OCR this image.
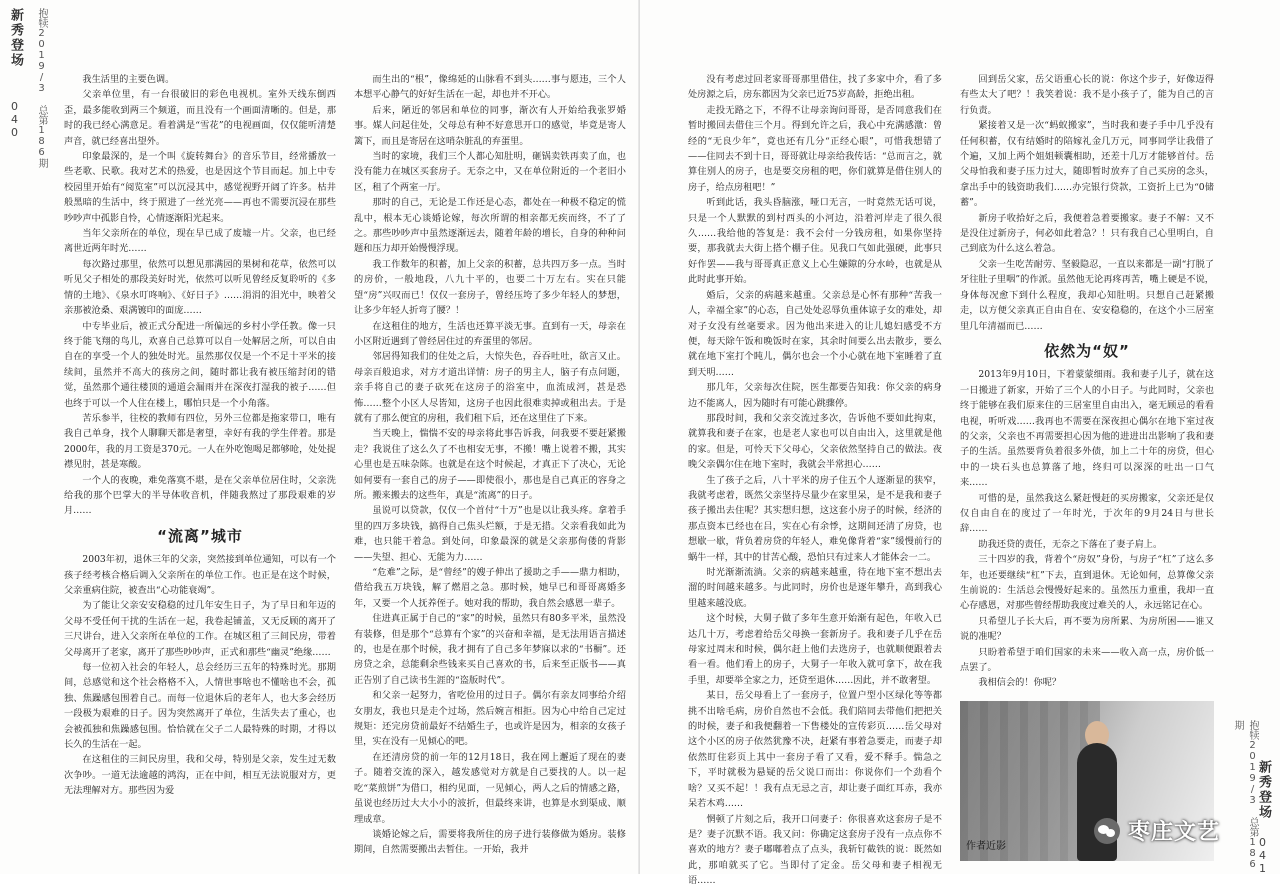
新秀登场
040 抱犊2019/3 总第186期	我生活里的主要色调。

父亲单位里，有一台很破旧的彩色电视机。室外天线东倒西歪，最多能收到两三个频道，而且没有一个画面清晰的。但是，那时的我已经心满意足。看着满是“雪花”的电视画面，仅仅能听清楚声音，就已经喜出望外。

印象最深的，是一个叫《旋转舞台》的音乐节目，经常播放一些老歌、民歌。我对艺术的热爱，也是因这个节目而起。加上中专校园里开始有“阅览室”可以沉浸其中，感觉视野开阔了许多。枯井般黑暗的生活中，终于照进了一丝光亮——再也不需要沉浸在那些吵吵声中孤影自怜，心情逐渐阳光起来。

当年父亲所在的单位，现在早已成了废墟一片。父亲，也已经离世近两年时光……

每次路过那里，依然可以想见那满园的果树和花草，依然可以听见父子相处的那段美好时光，依然可以听见曾经反复聆听的《多情的土地》、《泉水叮咚响》、《好日子》……涓涓的泪光中，映着父亲那被沧桑、艰满镀印的面庞……

中专毕业后，被正式分配进一所偏远的乡村小学任教。像一只终于能飞翔的鸟儿，欢喜自己总算可以自一处解居之所，可以自由自在的享受一个人的独处时光。虽然那仅仅是一个不足十平米的接续间，虽然并不高大的孩房之间，随时都让我有被压缩封闭的错觉，虽然那个通往楼顶的通道会漏雨并在深夜打湿我的被子……但也终于可以一个人住在楼上，哪怕只是一个小角落。

苦乐参半，往校的教师有四位，另外三位都是拖家带口，唯有我自己单身，找个人聊聊天都是奢望，幸好有我的学生伴着。那是2000年，我的月工资是370元。一人在外吃饱喝足都够呛，处处捉襟见肘，甚是寒酸。

一个人的夜晚，难免落寞不堪，是在父亲单位居住时，父亲洗给我的那个巴掌大的半导体收音机，伴随我熬过了那段艰难的岁月……

“流离”城市

2003年初，退休三年的父亲，突然接到单位通知，可以有一个孩子经考核合格后调入父亲所在的单位工作。也正是在这个时候，父亲重病住院，被查出“心功能衰竭”。

为了能让父亲安安稳稳的过几年安生日子，为了早日和年迈的父母不受任何干扰的生活在一起，我卷起铺盖，又无反顾的离开了三尺讲台，进入父亲所在单位的工作。在城区租了三间民房，带着父母离开了老家，离开了那些吵吵声，正式和那些“幽灵”绝缘……

每一位初入社会的年轻人，总会经历三五年的特殊时光。那期间，总感觉和这个社会格格不入，人情世事啥也不懂啥也不会，孤独、焦躁感包围着自己。而每一位退休后的老年人，也大多会经历一段极为艰难的日子。因为突然离开了单位，生活失去了重心，也会被孤独和焦躁感包围。恰恰就在父子二人最特殊的时期，才得以长久的生活在一起。

在这租住的三间民房里，我和父母，特别是父亲，发生过无数次争吵。一道无法逾越的鸿沟，正在中间，相互无法说服对方，更无法理解对方。那些因为爱

而生出的“根”，像绵延的山脉看不到头……事与愿违，三个人本想平心静气的好好生活在一起，却也并不开心。

后来，陋近的邻居和单位的同事，渐次有人开始给我张罗婚事。媒人问起住处，父母总有种不好意思开口的感觉，毕竟是寄人篱下，而且是寄居在这哨杂脏乱的弃蛋里。

当时的家境，我们三个人都心知肚明，砸锅卖铁再卖了血，也没有能力在城区买套房子。无奈之中，又在单位附近的一个老旧小区，租了个两室一厅。

那时的自己，无论是工作还是心态，都处在一种极不稳定的慌乱中，根本无心谈婚论嫁，每次所谓的相亲都无疾而终，不了了之。那些吵吵声中虽然逐渐远去，随着年龄的增长，自身的种种问题和压力却开始慢慢浮现。

我工作数年的积蓄，加上父亲的积蓄，总共四万多一点。当时的房价，一般地段，八九十平的，也要二十万左右。实在只能望“房”兴叹而已！仅仅一套房子，曾经压垮了多少年轻人的梦想，让多少年轻人折弯了腰？！

在这租住的地方，生活也还算平淡无事。直到有一天，母亲在小区附近遇到了曾经居住过的弃蛋里的邻居。

邻居得知我们的住处之后，大惊失色，吞吞吐吐，欲言又止。母亲百般追求，对方才道出详情：房子的男主人，脑子有点问题，亲手将自己的妻子砍死在这房子的浴室中，血流成河，甚是恐怖……整个小区人尽皆知，这房子也因此很难卖掉或租出去。于是就有了那么便宜的房租，我们租下后，还在这里住了下来。

当天晚上，惴惴不安的母亲将此事告诉我，问我要不要赶紧搬走？我说住了这么久了不也相安无事，不搬！嘴上说着不搬，其实心里也是五味杂陈。也就是在这个时候起，才真正下了决心，无论如何要有一套自己的房子——即使很小，那也是自己真正的容身之所。搬来搬去的这些年，真是“流离”的日子。

虽说可以贷款，仅仅一个首付“十万”也是以让我头疼。拿着手里的四万多块钱，搞得自己焦头烂额，于是无措。父亲看我如此为难，也只能干着急。到处问，印象最深的就是父亲那佝偻的背影——失望、担心、无能为力……

“危难”之际，是“曾经”的嫂子伸出了援助之手——鼎力相助，借给我五万块钱，解了燃眉之急。那时候，她早已和哥哥离婚多年，又要一个人抚养侄子。她对我的帮助，我自然会感恩一辈子。

住进真正属于自己的“家”的时候，虽然只有80多平米，虽然没有装修，但是那个“总算有个家”的兴奋和幸福，是无法用语言描述的，也是在那个时候，我才拥有了自己多年梦寐以求的“书橱”。还房贷之余，总能剩余些钱来买自己喜欢的书，后来至正版书——真正告别了自己读书生涯的“盗版时代”。

和父亲一起努力，省吃俭用的过日子。偶尔有亲友同事给介绍女朋友，我也只是走个过场，然后婉言相拒。因为心中给自己定过规矩：还完房贷前最好不结婚生子，也或许是因为，相亲的女孩子里，实在没有一见倾心的吧。

在还清房贷的前一年的12月18日，我在网上邂逅了现在的妻子。随着交流的深入，越发感觉对方就是自己要找的人。以一起吃“菜煎饼”为借口，相约见面，一见倾心，两人之后的情感之路，虽说也经历过大大小小的波折，但最终来讲，也算是水到渠成、顺理成章。

谈婚论嫁之后，需要将我所住的房子进行装修做为婚房。装修期间，自然需要搬出去暂住。一开始，我并

没有考虑过回老家哥哥那里借住，找了多家中介，看了多处房源之后，房东都因为父亲已近75岁高龄，拒绝出租。

走投无路之下，不得不让母亲询问哥哥，是否同意我们在暂时搬回去借住三个月。得到允许之后，我心中充满感激：曾经的“无良少年”，竟也还有几分“正经心眼”，可惜我想错了——住同去不到十日，哥哥就让母亲给我传话：“总而言之，就算住别人的房子，也是要交房租的吧，你们就算是借住别人的房子，给点房租吧！”

听到此话，我头昏脑涨，哑口无言，一时竟然无话可说，只是一个人默默的到村西头的小河边，沿着河岸走了很久很久……我给他的答复是：我不会付一分钱房租，如果你坚持要，那我就去大街上搭个棚子住。见我口气如此强硬，此事只好作罢——我与哥哥真正意义上心生嫌隙的分水岭，也就是从此时此事开始。

婚后，父亲的病越来越重。父亲总是心怀有那种“苦我一人，幸福全家”的心态，自己处处忍辱负重体谅子女的难处，却对子女没有丝毫要求。因为他出来进入的让儿媳妇感受不方便，每天除午饭和晚饭时在家，其余时间要么出去散步，要么就在地下室打个盹儿，偶尔也会一个小心就在地下室睡着了直到天明……

那几年，父亲每次住院，医生都要告知我：你父亲的病身边不能离人，因为随时有可能心跳骤停。

那段时间，我和父亲交流过多次，告诉他不要如此拘束，就算我和妻子在家，也是老人家也可以自由出入，这里就是他的家。但是，可怜天下父母心，父亲依然坚持自己的做法。夜晚父亲偶尔住在地下室时，我就会半常担心……

生了孩子之后，八十平米的房子住五个人逐渐显的狭窄，我就考虑着，既然父亲坚持尽量少在家里呆，是不是我和妻子孩子搬出去住呢？其实想归想，这这套小房子的时候，经济的那点资本已经也在吕，实在心有余悸，这期间还清了房贷，也想歇一歇，背负着房贷的年轻人，难免像背着“家”缓慢前行的蜗牛一样，其中的甘苦心酸，恐怕只有过来人才能体会一二。

时光渐渐流淌。父亲的病越来越重，待在地下室不想出去溜的时间越来越多。与此同时，房价也是逐年攀升，高到我心里越来越没底。

这个时候，大舅子做了多年生意开始渐有起色，年收入已达几十万，考虑着给岳父母换一套新房子。我和妻子几乎在岳母家过周末和时候，偶尔赶上他们去选房子，也就顺便跟着去看一看。他们看上的房子，大舅子一年收入就可拿下，故在我手里，却要举全家之力，还贷至退休……因此，并不敢奢望。

某日，岳父母看上了一套房子，位置户型小区绿化等等都挑不出啥毛病，房价自然也不会低。我们陪同去带他们把把关的时候，妻子和我便翻着一下售楼处的宣传彩页……岳父母对这个小区的房子依然犹豫不决，赶紧有事着急要走，而妻子却依然盯住彩页上其中一套房子看了又看，爱不释手。惴急之下，平时就极为悬疑的岳父说口而出：你说你们一个劲看个啥？又买不起！！我有点无忌之言，却让妻子面红耳赤，我亦呆若木鸡……

惘顿了片刻之后，我开口问妻子：你很喜欢这套房子是不是？妻子沉默不语。我又问：你确定这套房子没有一点点你不喜欢的地方？妻子嘟嘟着点了点头，我斩钉截铁的说：既然如此，那咱就买了它。当即付了定金。岳父母和妻子相视无语……

回到岳父家，岳父语重心长的说：你这个步子，好像迈得有些太大了吧？！我笑着说：我不是小孩子了，能为自己的言行负责。

紧接着又是一次“蚂蚁搬家”，当时我和妻子手中几乎没有任何积蓄，仅有结婚时的陪嫁礼金几万元，同事同学让我借了个遍，又加上两个姐姐顿囊相助，还差十几万才能够首付。岳父母怕我和妻子压力过大，随即暂时放弃了自己买房的念头，拿出手中的钱资助我们……办完银行贷款，工资折上已为“0储蓄”。

新房子收拾好之后，我便着急着要搬家。妻子不解：又不是没住过新房子，何必如此着急？！只有我自己心里明白，自己到底为什么这么着急。

父亲一生吃苦耐劳、坚毅隐忍，一直以来都是一副“打脱了牙往肚子里咽”的作派。虽然他无论再疼再苦，嘴上硬是不说，身体每况愈下到什么程度，我却心知肚明。只想自己赶紧搬走，以方便父亲真正自由自在、安安稳稳的，在这个小三居室里几年清福而已……

依然为“奴”

2013年9月10日，下着蒙蒙细雨。我和妻子儿子，就在这一日搬进了新家，开始了三个人的小日子。与此同时，父亲也终于能够在我们原来住的三居室里自由出入，毫无顾忌的看看电视，听听戏……我再也不需要在深夜担心偶尔在地下室过夜的父亲，父亲也不再需要担心因为他的进进出出影响了我和妻子的生活。虽然要背负着很多外债，加上二十年的房贷，但心中的一块石头也总算落了地，终归可以深深的吐出一口气来……

可惜的是，虽然我这么紧赶慢赶的买房搬家，父亲还是仅仅自由自在的度过了一年时光，于次年的9月24日与世长辞……

助我还贷的责任，无奈之下落在了妻子肩上。

三十四岁的我，背着个“房奴”身份，与房子“杠”了这么多年，也还要继续“杠”下去，直到退休。无论如何，总算像父亲生前说的：生活总会慢慢好起来的。虽然压力重重，我却一直心存感恩，对那些曾经帮助我度过难关的人，永远铭记在心。

只希望儿子长大后，再不要为房所累、为房所困——谁又说的准呢？

只盼着希望于咱们国家的未来——收入高一点，房价低一点罢了。

我相信会的！你呢？

作者近影	抱犊2019/3 总第186期
新秀登场
041
枣庄文艺
